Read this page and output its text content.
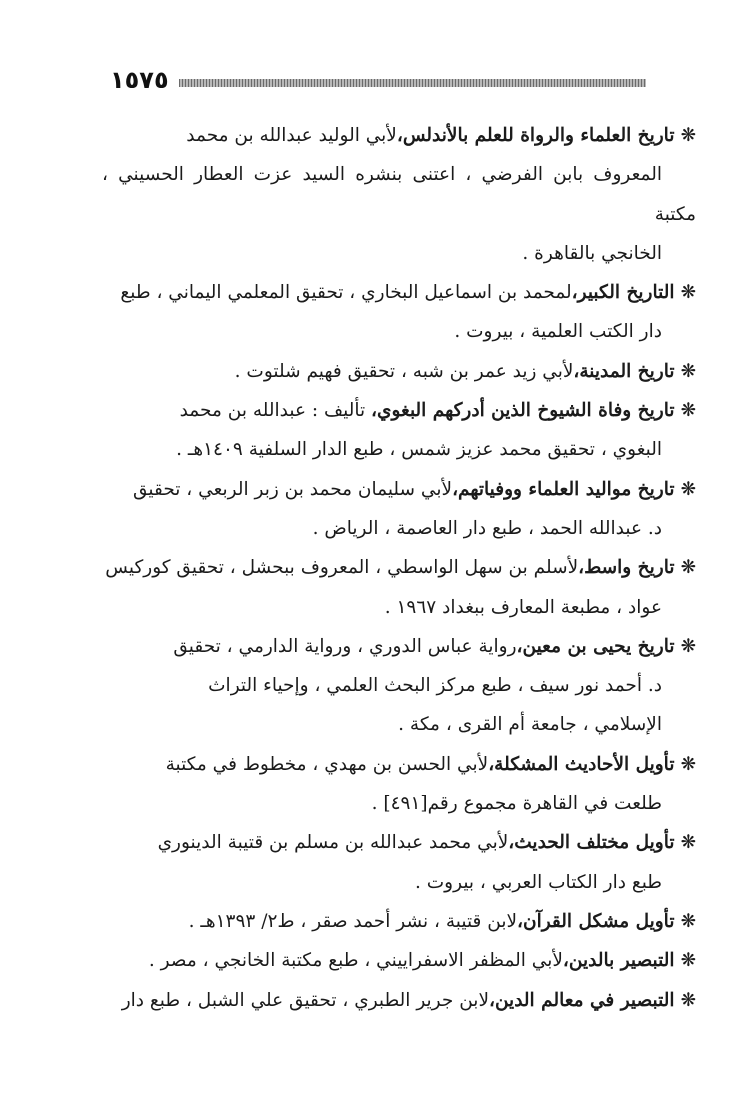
١٥٧٥

❋تاريخ العلماء والرواة للعلم بالأندلس،لأبي الوليد عبدالله بن محمد
المعروف بابن الفرضي ، اعتنى بنشره السيد عزت العطار الحسيني ، مكتبة
الخانجي بالقاهرة .

❋التاريخ الكبير،لمحمد بن اسماعيل البخاري ، تحقيق المعلمي اليماني ، طبع
دار الكتب العلمية ، بيروت .

❋تاريخ المدينة،لأبي زيد عمر بن شبه ، تحقيق فهيم شلتوت .

❋تاريخ وفاة الشيوخ الذين أدركهم البغوي، تأليف : عبدالله بن محمد
البغوي ، تحقيق محمد عزيز شمس ، طبع الدار السلفية ١٤٠٩هـ .

❋تاريخ مواليد العلماء ووفياتهم،لأبي سليمان محمد بن زبر الربعي ، تحقيق
د. عبدالله الحمد ، طبع دار العاصمة ، الرياض .

❋تاريخ واسط،لأسلم بن سهل الواسطي ، المعروف ببحشل ، تحقيق كوركيس
عواد ، مطبعة المعارف ببغداد ١٩٦٧ .

❋تاريخ يحيى بن معين،رواية عباس الدوري ، ورواية الدارمي ، تحقيق
د. أحمد نور سيف ، طبع مركز البحث العلمي ، وإحياء التراث
الإسلامي ، جامعة أم القرى ، مكة .

❋تأويل الأحاديث المشكلة،لأبي الحسن بن مهدي ، مخطوط في مكتبة
طلعت في القاهرة مجموع رقم[٤٩١] .

❋تأويل مختلف الحديث،لأبي محمد عبدالله بن مسلم بن قتيبة الدينوري
طبع دار الكتاب العربي ، بيروت .

❋تأويل مشكل القرآن،لابن قتيبة ، نشر أحمد صقر ، ط٢/ ١٣٩٣هـ .

❋التبصير بالدين،لأبي المظفر الاسفراييني ، طبع مكتبة الخانجي ، مصر .

❋التبصير في معالم الدين،لابن جرير الطبري ، تحقيق علي الشبل ، طبع دار
